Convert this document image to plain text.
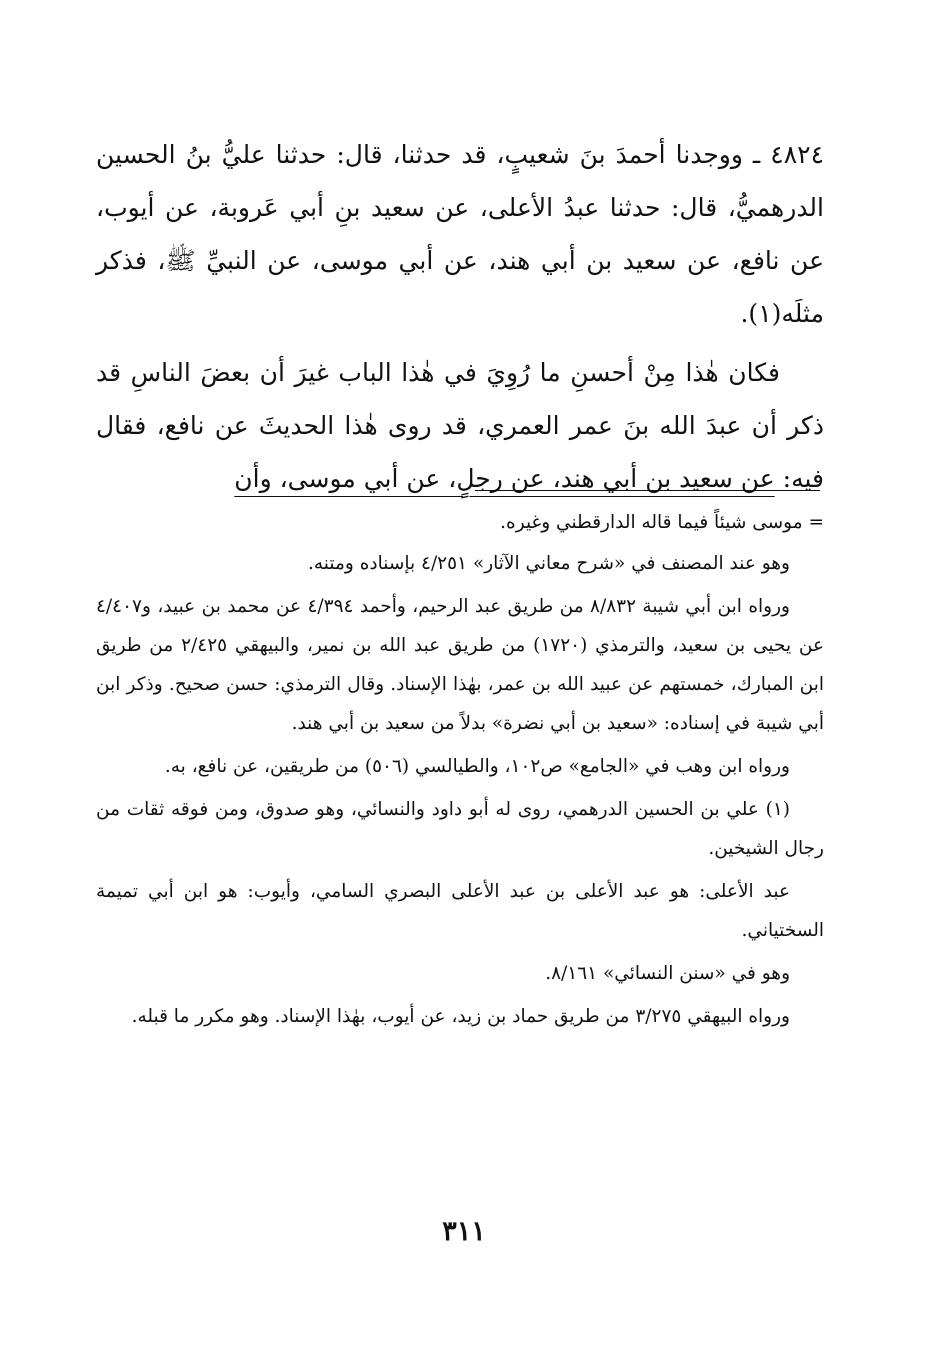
٤٨٢٤ ـ ووجدنا أحمدَ بنَ شعيبٍ، قد حدثنا، قال: حدثنا عليُّ بنُ الحسين الدرهميُّ، قال: حدثنا عبدُ الأعلى، عن سعيد بنِ أبي عَروبة، عن أيوب، عن نافع، عن سعيد بن أبي هند، عن أبي موسى، عن النبيِّ ﷺ، فذكر مثلَه(١).

فكان هٰذا مِنْ أحسنِ ما رُوِيَ في هٰذا الباب غيرَ أن بعضَ الناسِ قد ذكر أن عبدَ الله بنَ عمر العمري، قد روى هٰذا الحديثَ عن نافع، فقال فيه: عن سعيد بن أبي هند، عن رجلٍ، عن أبي موسى، وأن

= موسى شيئاً فيما قاله الدارقطني وغيره.

وهو عند المصنف في «شرح معاني الآثار» ٤/٢٥١ بإسناده ومتنه.

ورواه ابن أبي شيبة ٨/٨٣٢ من طريق عبد الرحيم، وأحمد ٤/٣٩٤ عن محمد بن عبيد، و٤/٤٠٧ عن يحيى بن سعيد، والترمذي (١٧٢٠) من طريق عبد الله بن نمير، والبيهقي ٢/٤٢٥ من طريق ابن المبارك، خمستهم عن عبيد الله بن عمر، بهٰذا الإسناد. وقال الترمذي: حسن صحيح. وذكر ابن أبي شيبة في إسناده: «سعيد بن أبي نضرة» بدلاً من سعيد بن أبي هند.

ورواه ابن وهب في «الجامع» ص١٠٢، والطيالسي (٥٠٦) من طريقين، عن نافع، به.

(١) علي بن الحسين الدرهمي، روى له أبو داود والنسائي، وهو صدوق، ومن فوقه ثقات من رجال الشيخين.

عبد الأعلى: هو عبد الأعلى بن عبد الأعلى البصري السامي، وأيوب: هو ابن أبي تميمة السختياني.

وهو في «سنن النسائي» ٨/١٦١.

ورواه البيهقي ٣/٢٧٥ من طريق حماد بن زيد، عن أيوب، بهٰذا الإسناد. وهو مكرر ما قبله.

٣١١
